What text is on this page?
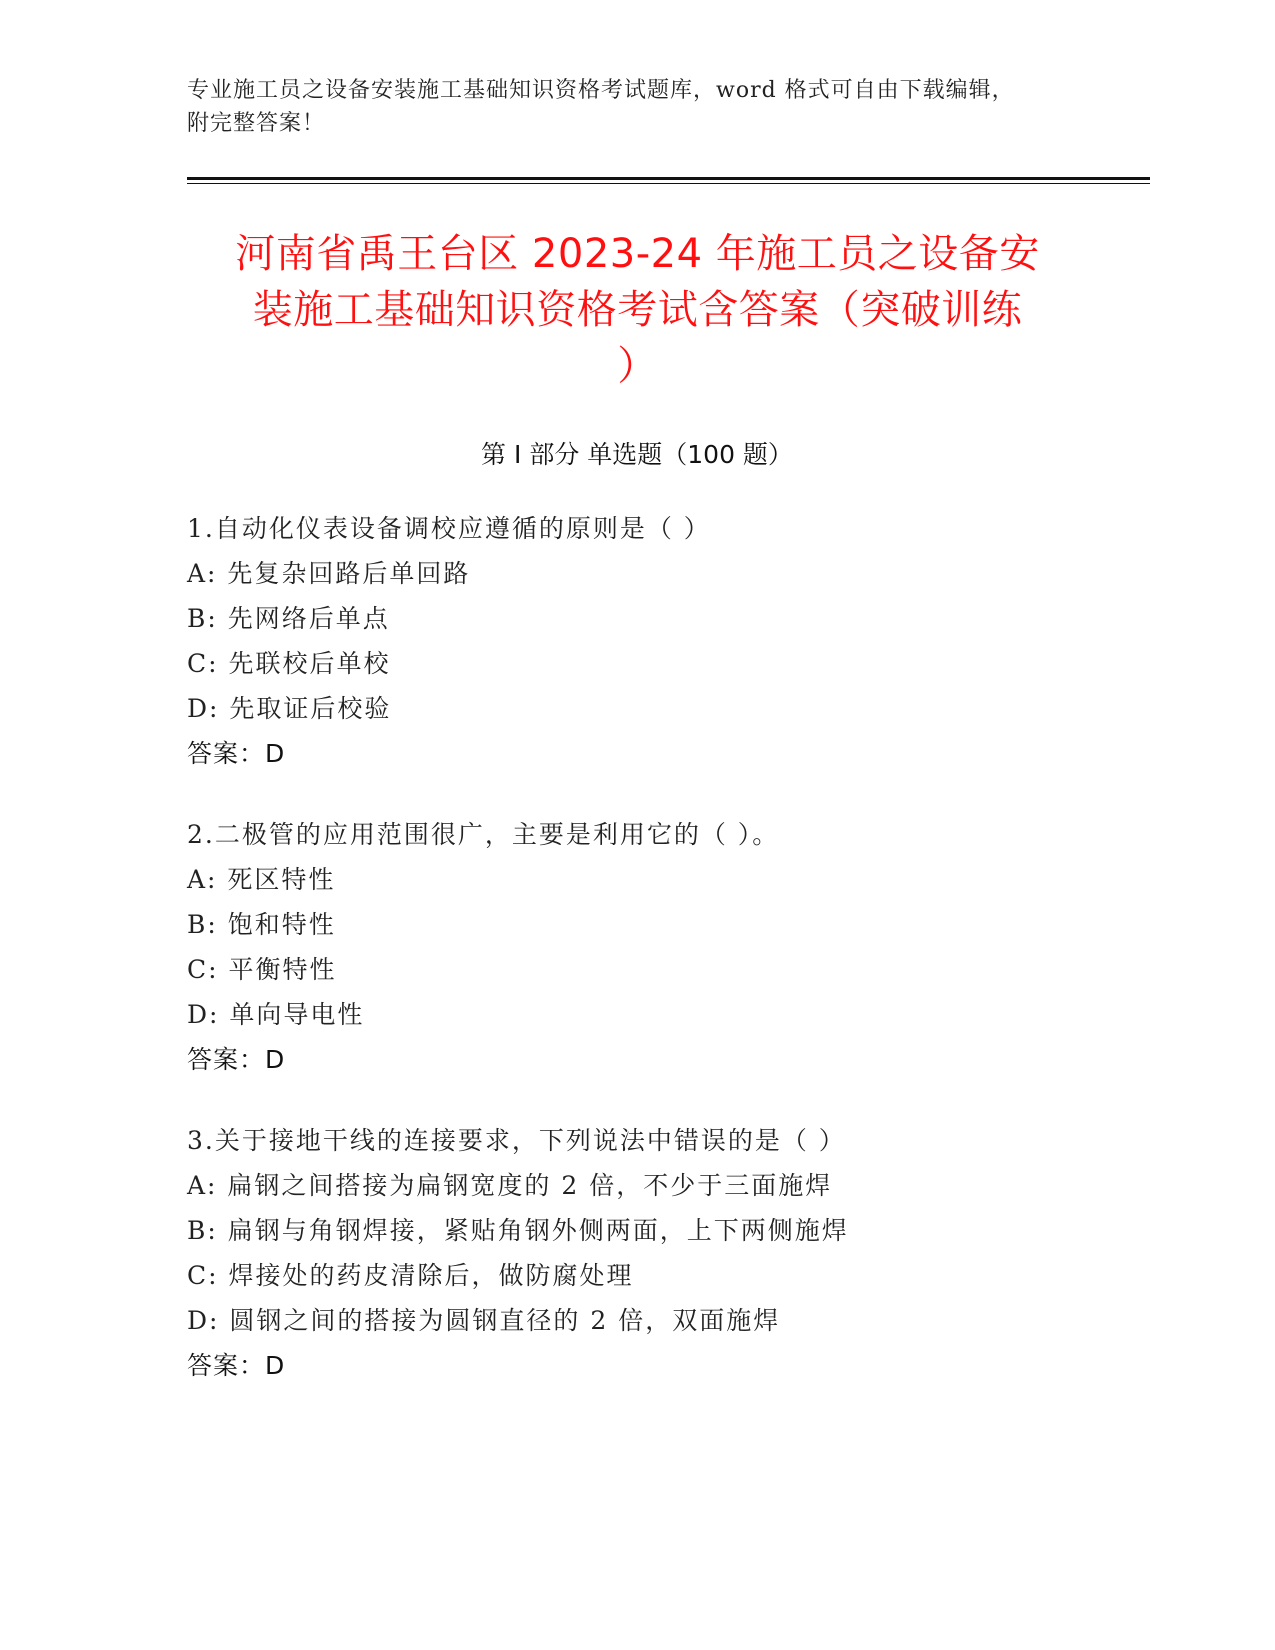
专业施工员之设备安装施工基础知识资格考试题库，word 格式可自由下载编辑，
附完整答案！
河南省禹王台区 2023-24 年施工员之设备安
装施工基础知识资格考试含答案（突破训练
）
第 I 部分 单选题（100 题）
1.自动化仪表设备调校应遵循的原则是（ ）
A: 先复杂回路后单回路
B: 先网络后单点
C: 先联校后单校
D: 先取证后校验
答案：D
2.二极管的应用范围很广，主要是利用它的（ ）。
A: 死区特性
B: 饱和特性
C: 平衡特性
D: 单向导电性
答案：D
3.关于接地干线的连接要求，下列说法中错误的是（ ）
A: 扁钢之间搭接为扁钢宽度的 2 倍，不少于三面施焊
B: 扁钢与角钢焊接，紧贴角钢外侧两面，上下两侧施焊
C: 焊接处的药皮清除后，做防腐处理
D: 圆钢之间的搭接为圆钢直径的 2 倍，双面施焊
答案：D
